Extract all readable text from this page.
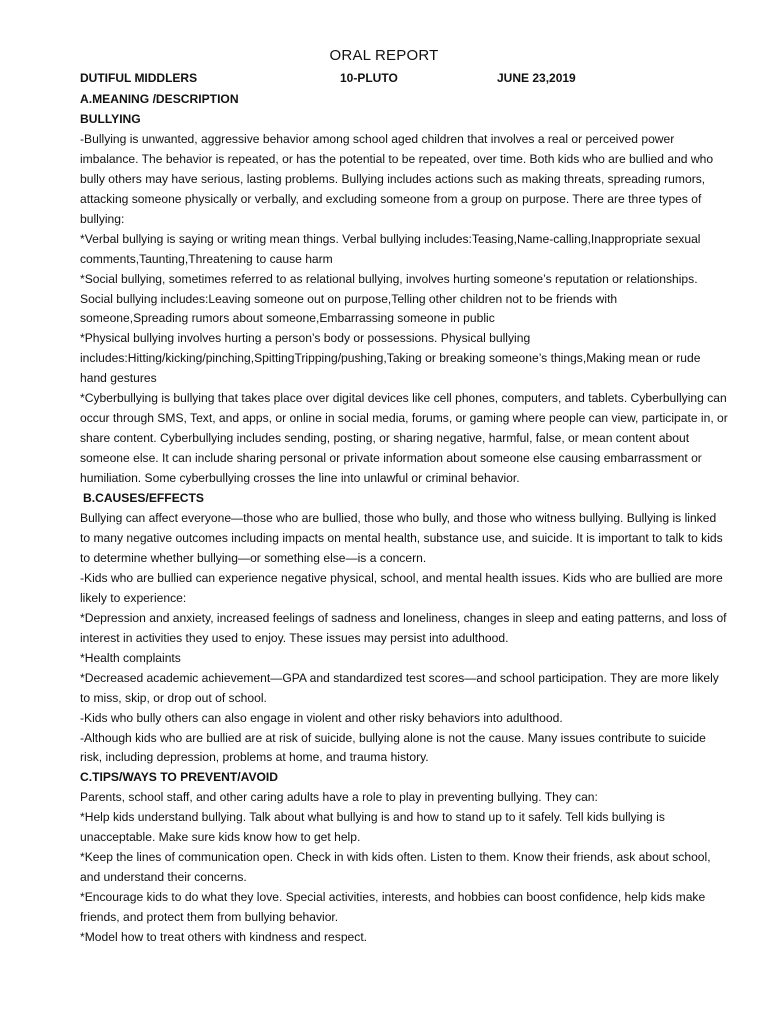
ORAL REPORT
DUTIFUL MIDDLERS	10-PLUTO	JUNE 23,2019

A.MEANING /DESCRIPTION

BULLYING

-Bullying is unwanted, aggressive behavior among school aged children that involves a real or perceived power imbalance. The behavior is repeated, or has the potential to be repeated, over time. Both kids who are bullied and who bully others may have serious, lasting problems. Bullying includes actions such as making threats, spreading rumors, attacking someone physically or verbally, and excluding someone from a group on purpose. There are three types of bullying:

*Verbal bullying is saying or writing mean things. Verbal bullying includes:Teasing,Name-calling,Inappropriate sexual comments,Taunting,Threatening to cause harm

*Social bullying, sometimes referred to as relational bullying, involves hurting someone’s reputation or relationships. Social bullying includes:Leaving someone out on purpose,Telling other children not to be friends with someone,Spreading rumors about someone,Embarrassing someone in public

*Physical bullying involves hurting a person’s body or possessions. Physical bullying includes:Hitting/kicking/pinching,SpittingTripping/pushing,Taking or breaking someone’s things,Making mean or rude hand gestures

*Cyberbullying is bullying that takes place over digital devices like cell phones, computers, and tablets. Cyberbullying can occur through SMS, Text, and apps, or online in social media, forums, or gaming where people can view, participate in, or share content. Cyberbullying includes sending, posting, or sharing negative, harmful, false, or mean content about someone else. It can include sharing personal or private information about someone else causing embarrassment or humiliation. Some cyberbullying crosses the line into unlawful or criminal behavior.

B.CAUSES/EFFECTS

Bullying can affect everyone—those who are bullied, those who bully, and those who witness bullying. Bullying is linked to many negative outcomes including impacts on mental health, substance use, and suicide. It is important to talk to kids to determine whether bullying—or something else—is a concern.

-Kids who are bullied can experience negative physical, school, and mental health issues. Kids who are bullied are more likely to experience:

*Depression and anxiety, increased feelings of sadness and loneliness, changes in sleep and eating patterns, and loss of interest in activities they used to enjoy. These issues may persist into adulthood.

*Health complaints

*Decreased academic achievement—GPA and standardized test scores—and school participation. They are more likely to miss, skip, or drop out of school.

-Kids who bully others can also engage in violent and other risky behaviors into adulthood.

-Although kids who are bullied are at risk of suicide, bullying alone is not the cause. Many issues contribute to suicide risk, including depression, problems at home, and trauma history.

C.TIPS/WAYS TO PREVENT/AVOID

Parents, school staff, and other caring adults have a role to play in preventing bullying. They can:

*Help kids understand bullying. Talk about what bullying is and how to stand up to it safely. Tell kids bullying is unacceptable. Make sure kids know how to get help.

*Keep the lines of communication open. Check in with kids often. Listen to them. Know their friends, ask about school, and understand their concerns.

*Encourage kids to do what they love. Special activities, interests, and hobbies can boost confidence, help kids make friends, and protect them from bullying behavior.

*Model how to treat others with kindness and respect.
